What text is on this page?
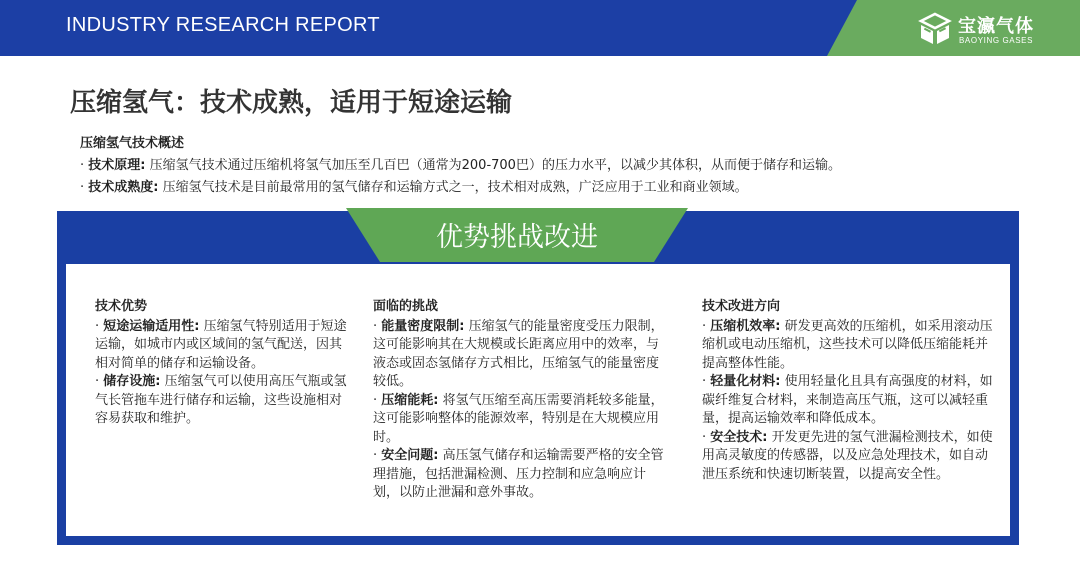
INDUSTRY RESEARCH REPORT	宝瀛气体
BAOYING GASES
压缩氢气：技术成熟，适用于短途运输
压缩氢气技术概述
· 技术原理: 压缩氢气技术通过压缩机将氢气加压至几百巴（通常为200-700巴）的压力水平，以减少其体积，从而便于储存和运输。
· 技术成熟度: 压缩氢气技术是目前最常用的氢气储存和运输方式之一，技术相对成熟，广泛应用于工业和商业领域。
优势挑战改进
技术优势
· 短途运输适用性: 压缩氢气特别适用于短途运输，如城市内或区域间的氢气配送，因其相对简单的储存和运输设备。
· 储存设施: 压缩氢气可以使用高压气瓶或氢气长管拖车进行储存和运输，这些设施相对容易获取和维护。
面临的挑战
· 能量密度限制: 压缩氢气的能量密度受压力限制，这可能影响其在大规模或长距离应用中的效率，与液态或固态氢储存方式相比，压缩氢气的能量密度较低。
· 压缩能耗: 将氢气压缩至高压需要消耗较多能量，这可能影响整体的能源效率，特别是在大规模应用时。
· 安全问题: 高压氢气储存和运输需要严格的安全管理措施，包括泄漏检测、压力控制和应急响应计划，以防止泄漏和意外事故。
技术改进方向
· 压缩机效率: 研发更高效的压缩机，如采用滚动压缩机或电动压缩机，这些技术可以降低压缩能耗并提高整体性能。
· 轻量化材料: 使用轻量化且具有高强度的材料，如碳纤维复合材料，来制造高压气瓶，这可以减轻重量，提高运输效率和降低成本。
· 安全技术: 开发更先进的氢气泄漏检测技术，如使用高灵敏度的传感器，以及应急处理技术，如自动泄压系统和快速切断装置，以提高安全性。
